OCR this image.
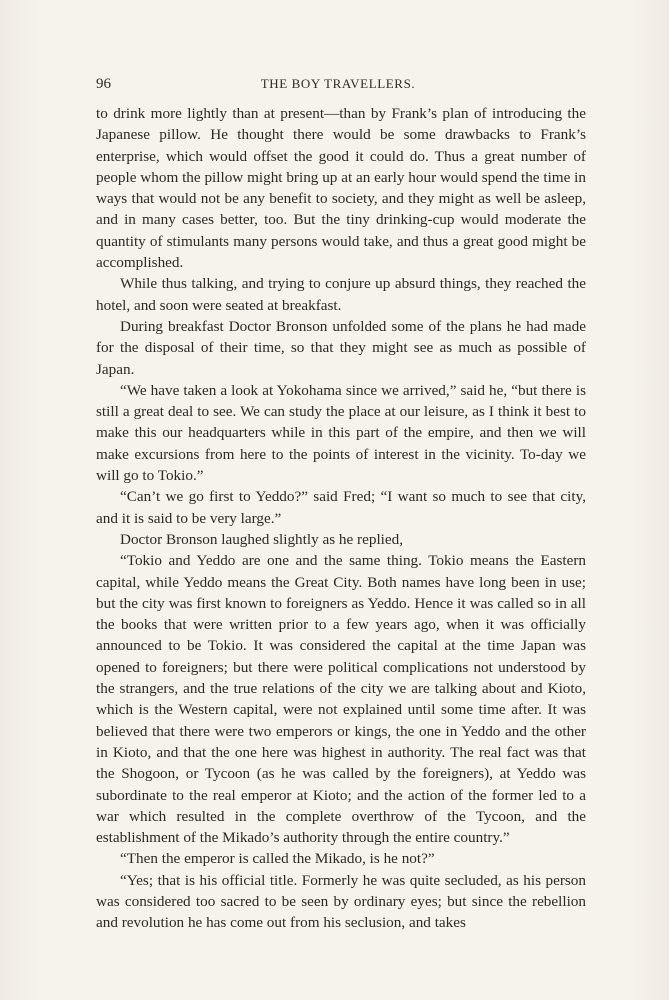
96	THE BOY TRAVELLERS.

to drink more lightly than at present—than by Frank’s plan of introducing the Japanese pillow. He thought there would be some drawbacks to Frank’s enterprise, which would offset the good it could do. Thus a great number of people whom the pillow might bring up at an early hour would spend the time in ways that would not be any benefit to society, and they might as well be asleep, and in many cases better, too. But the tiny drinking-cup would moderate the quantity of stimulants many persons would take, and thus a great good might be accomplished.

While thus talking, and trying to conjure up absurd things, they reached the hotel, and soon were seated at breakfast.

During breakfast Doctor Bronson unfolded some of the plans he had made for the disposal of their time, so that they might see as much as possible of Japan.

“We have taken a look at Yokohama since we arrived,” said he, “but there is still a great deal to see. We can study the place at our leisure, as I think it best to make this our headquarters while in this part of the empire, and then we will make excursions from here to the points of interest in the vicinity. To-day we will go to Tokio.”

“Can’t we go first to Yeddo?” said Fred; “I want so much to see that city, and it is said to be very large.”

Doctor Bronson laughed slightly as he replied,

“Tokio and Yeddo are one and the same thing. Tokio means the Eastern capital, while Yeddo means the Great City. Both names have long been in use; but the city was first known to foreigners as Yeddo. Hence it was called so in all the books that were written prior to a few years ago, when it was officially announced to be Tokio. It was considered the capital at the time Japan was opened to foreigners; but there were political complications not understood by the strangers, and the true relations of the city we are talking about and Kioto, which is the Western capital, were not explained until some time after. It was believed that there were two emperors or kings, the one in Yeddo and the other in Kioto, and that the one here was highest in authority. The real fact was that the Shogoon, or Tycoon (as he was called by the foreigners), at Yeddo was subordinate to the real emperor at Kioto; and the action of the former led to a war which resulted in the complete overthrow of the Tycoon, and the establishment of the Mikado’s authority through the entire country.”

“Then the emperor is called the Mikado, is he not?”

“Yes; that is his official title. Formerly he was quite secluded, as his person was considered too sacred to be seen by ordinary eyes; but since the rebellion and revolution he has come out from his seclusion, and takes
